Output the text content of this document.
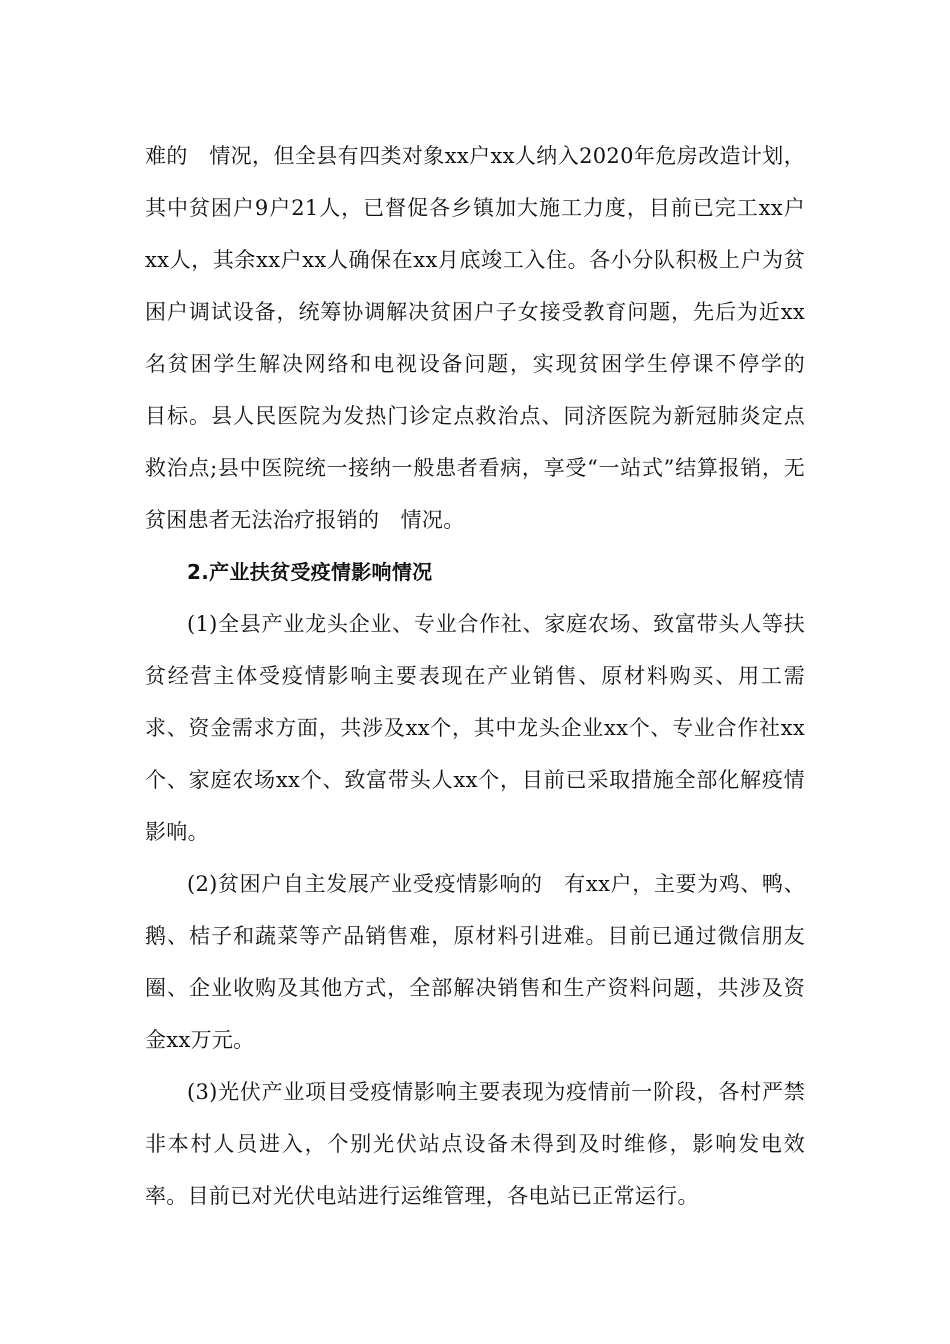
难的　情况，但全县有四类对象xx户xx人纳入2020年危房改造计划，其中贫困户9户21人，已督促各乡镇加大施工力度，目前已完工xx户xx人，其余xx户xx人确保在xx月底竣工入住。各小分队积极上户为贫困户调试设备，统筹协调解决贫困户子女接受教育问题，先后为近xx名贫困学生解决网络和电视设备问题，实现贫困学生停课不停学的　目标。县人民医院为发热门诊定点救治点、同济医院为新冠肺炎定点救治点;县中医院统一接纳一般患者看病，享受“一站式”结算报销，无贫困患者无法治疗报销的　情况。

2.产业扶贫受疫情影响情况

(1)全县产业龙头企业、专业合作社、家庭农场、致富带头人等扶贫经营主体受疫情影响主要表现在产业销售、原材料购买、用工需求、资金需求方面，共涉及xx个，其中龙头企业xx个、专业合作社xx个、家庭农场xx个、致富带头人xx个，目前已采取措施全部化解疫情影响。

(2)贫困户自主发展产业受疫情影响的　有xx户，主要为鸡、鸭、鹅、桔子和蔬菜等产品销售难，原材料引进难。目前已通过微信朋友圈、企业收购及其他方式，全部解决销售和生产资料问题，共涉及资金xx万元。

(3)光伏产业项目受疫情影响主要表现为疫情前一阶段，各村严禁非本村人员进入，个别光伏站点设备未得到及时维修，影响发电效率。目前已对光伏电站进行运维管理，各电站已正常运行。
